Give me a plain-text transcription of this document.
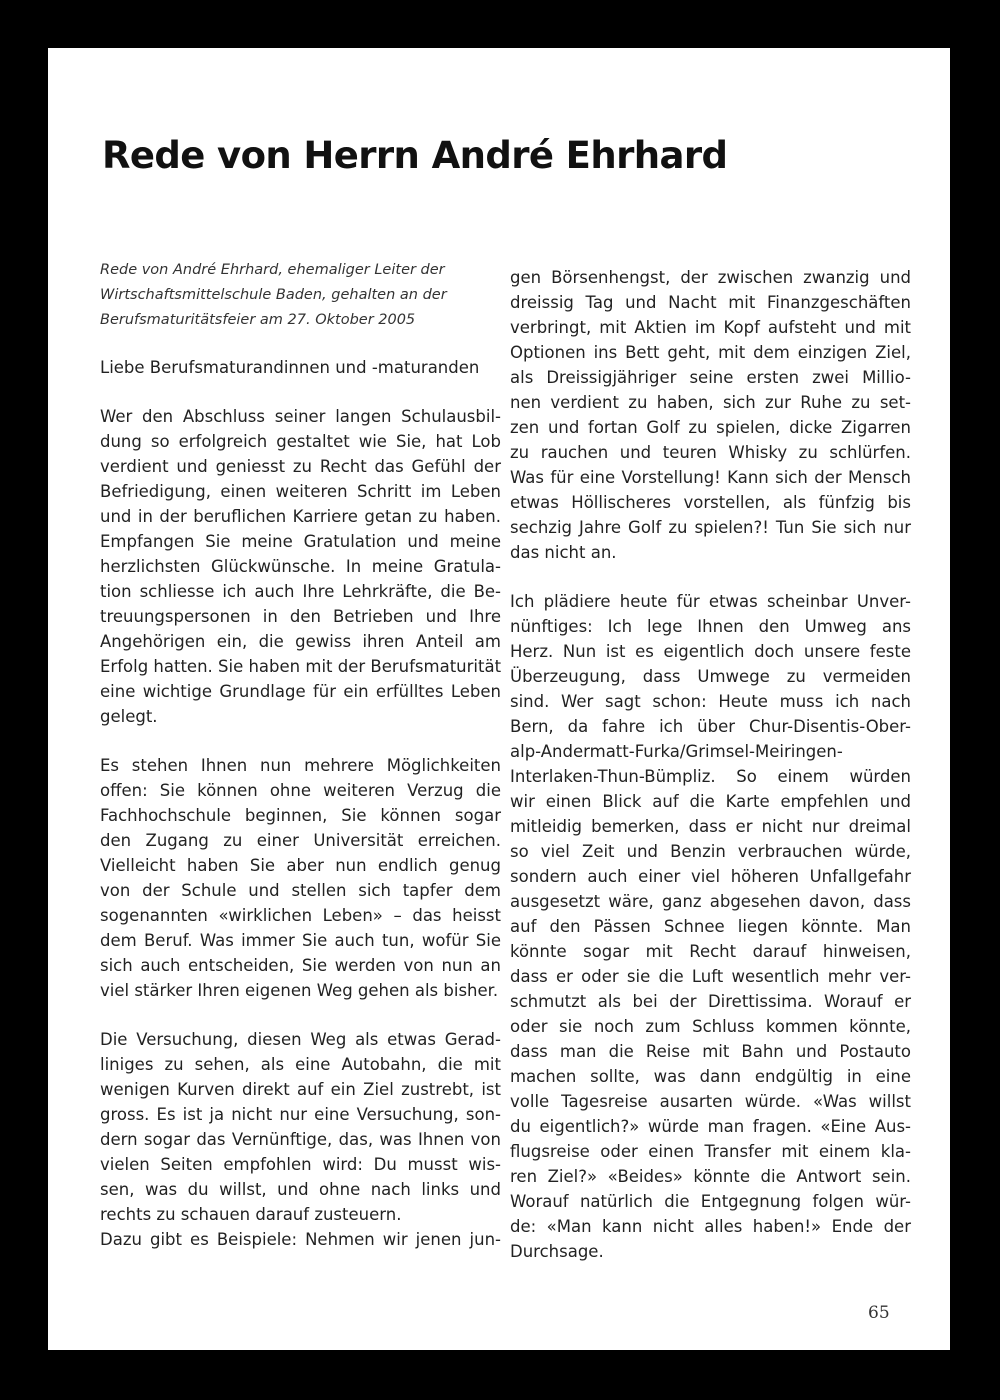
Rede von Herrn André Ehrhard
Rede von André Ehrhard, ehemaliger Leiter der
Wirtschaftsmittelschule Baden, gehalten an der
Berufsmaturitätsfeier am 27. Oktober 2005
Liebe Berufsmaturandinnen und -maturanden
Wer den Abschluss seiner langen Schulausbil-
dung so erfolgreich gestaltet wie Sie, hat Lob
verdient und geniesst zu Recht das Gefühl der
Befriedigung, einen weiteren Schritt im Leben
und in der beruflichen Karriere getan zu haben.
Empfangen Sie meine Gratulation und meine
herzlichsten Glückwünsche. In meine Gratula-
tion schliesse ich auch Ihre Lehrkräfte, die Be-
treuungspersonen in den Betrieben und Ihre
Angehörigen ein, die gewiss ihren Anteil am
Erfolg hatten. Sie haben mit der Berufsmaturität
eine wichtige Grundlage für ein erfülltes Leben
gelegt.
Es stehen Ihnen nun mehrere Möglichkeiten
offen: Sie können ohne weiteren Verzug die
Fachhochschule beginnen, Sie können sogar
den Zugang zu einer Universität erreichen.
Vielleicht haben Sie aber nun endlich genug
von der Schule und stellen sich tapfer dem
sogenannten «wirklichen Leben» – das heisst
dem Beruf. Was immer Sie auch tun, wofür Sie
sich auch entscheiden, Sie werden von nun an
viel stärker Ihren eigenen Weg gehen als bisher.
Die Versuchung, diesen Weg als etwas Gerad-
liniges zu sehen, als eine Autobahn, die mit
wenigen Kurven direkt auf ein Ziel zustrebt, ist
gross. Es ist ja nicht nur eine Versuchung, son-
dern sogar das Vernünftige, das, was Ihnen von
vielen Seiten empfohlen wird: Du musst wis-
sen, was du willst, und ohne nach links und
rechts zu schauen darauf zusteuern.
Dazu gibt es Beispiele: Nehmen wir jenen jun-
gen Börsenhengst, der zwischen zwanzig und
dreissig Tag und Nacht mit Finanzgeschäften
verbringt, mit Aktien im Kopf aufsteht und mit
Optionen ins Bett geht, mit dem einzigen Ziel,
als Dreissigjähriger seine ersten zwei Millio-
nen verdient zu haben, sich zur Ruhe zu set-
zen und fortan Golf zu spielen, dicke Zigarren
zu rauchen und teuren Whisky zu schlürfen.
Was für eine Vorstellung! Kann sich der Mensch
etwas Höllischeres vorstellen, als fünfzig bis
sechzig Jahre Golf zu spielen?! Tun Sie sich nur
das nicht an.
Ich plädiere heute für etwas scheinbar Unver-
nünftiges: Ich lege Ihnen den Umweg ans
Herz. Nun ist es eigentlich doch unsere feste
Überzeugung, dass Umwege zu vermeiden
sind. Wer sagt schon: Heute muss ich nach
Bern, da fahre ich über Chur-Disentis-Ober-
alp-Andermatt-Furka/Grimsel-Meiringen-
Interlaken-Thun-Bümpliz. So einem würden
wir einen Blick auf die Karte empfehlen und
mitleidig bemerken, dass er nicht nur dreimal
so viel Zeit und Benzin verbrauchen würde,
sondern auch einer viel höheren Unfallgefahr
ausgesetzt wäre, ganz abgesehen davon, dass
auf den Pässen Schnee liegen könnte. Man
könnte sogar mit Recht darauf hinweisen,
dass er oder sie die Luft wesentlich mehr ver-
schmutzt als bei der Direttissima. Worauf er
oder sie noch zum Schluss kommen könnte,
dass man die Reise mit Bahn und Postauto
machen sollte, was dann endgültig in eine
volle Tagesreise ausarten würde. «Was willst
du eigentlich?» würde man fragen. «Eine Aus-
flugsreise oder einen Transfer mit einem kla-
ren Ziel?» «Beides» könnte die Antwort sein.
Worauf natürlich die Entgegnung folgen wür-
de: «Man kann nicht alles haben!» Ende der
Durchsage.
65
